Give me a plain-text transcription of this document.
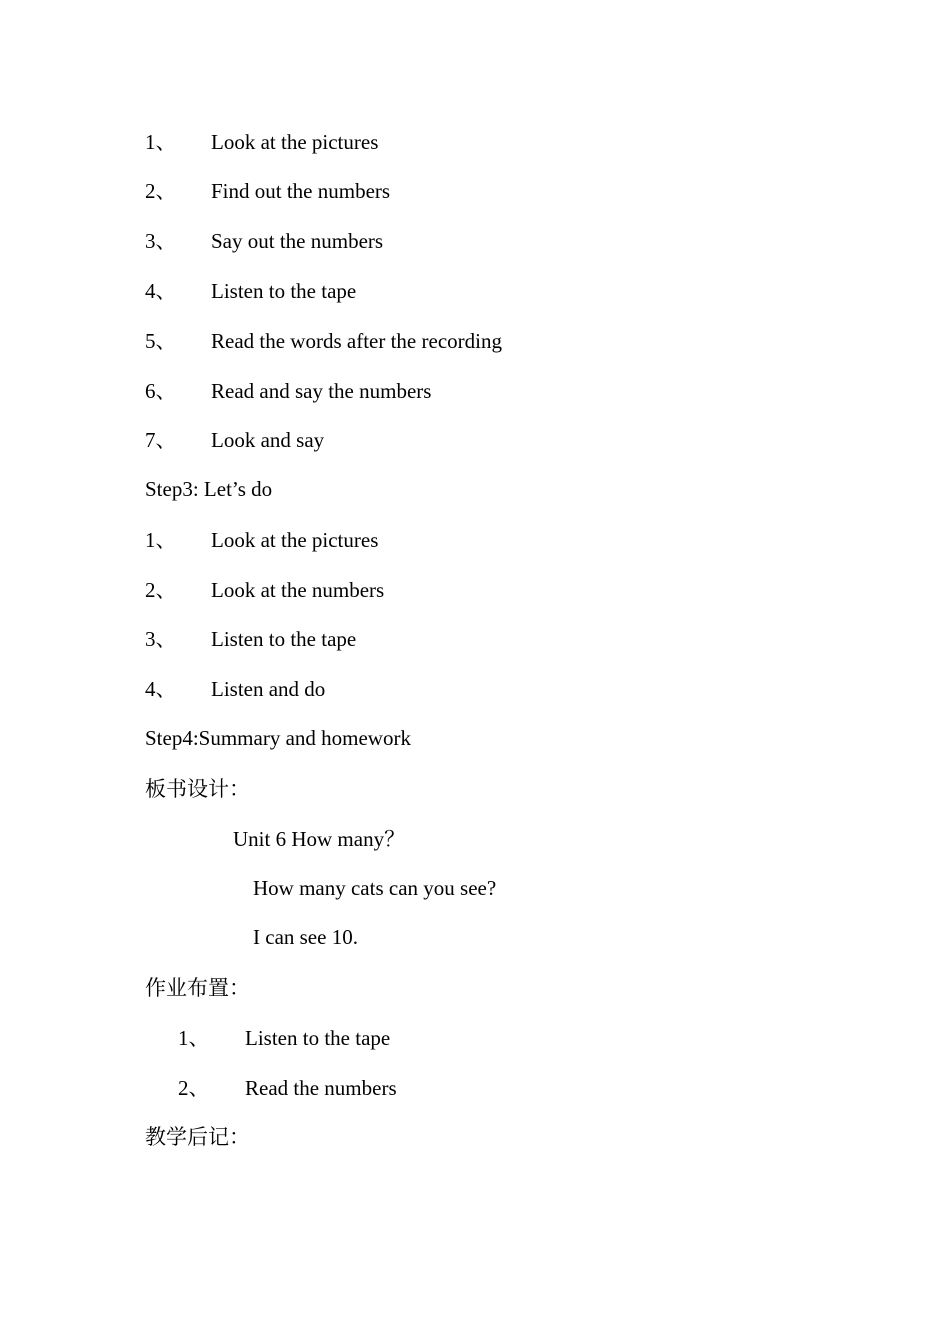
1、 Look at the pictures
2、 Find out the numbers
3、 Say out the numbers
4、 Listen to the tape
5、 Read the words after the recording
6、 Read and say the numbers
7、 Look and say
Step3: Let’s do
1、 Look at the pictures
2、 Look at the numbers
3、 Listen to the tape
4、 Listen and do
Step4:Summary and homework
板书设计：
Unit 6 How many？
How many cats can you see?
I can see 10.
作业布置：
1、 Listen to the tape
2、 Read the numbers
教学后记：
